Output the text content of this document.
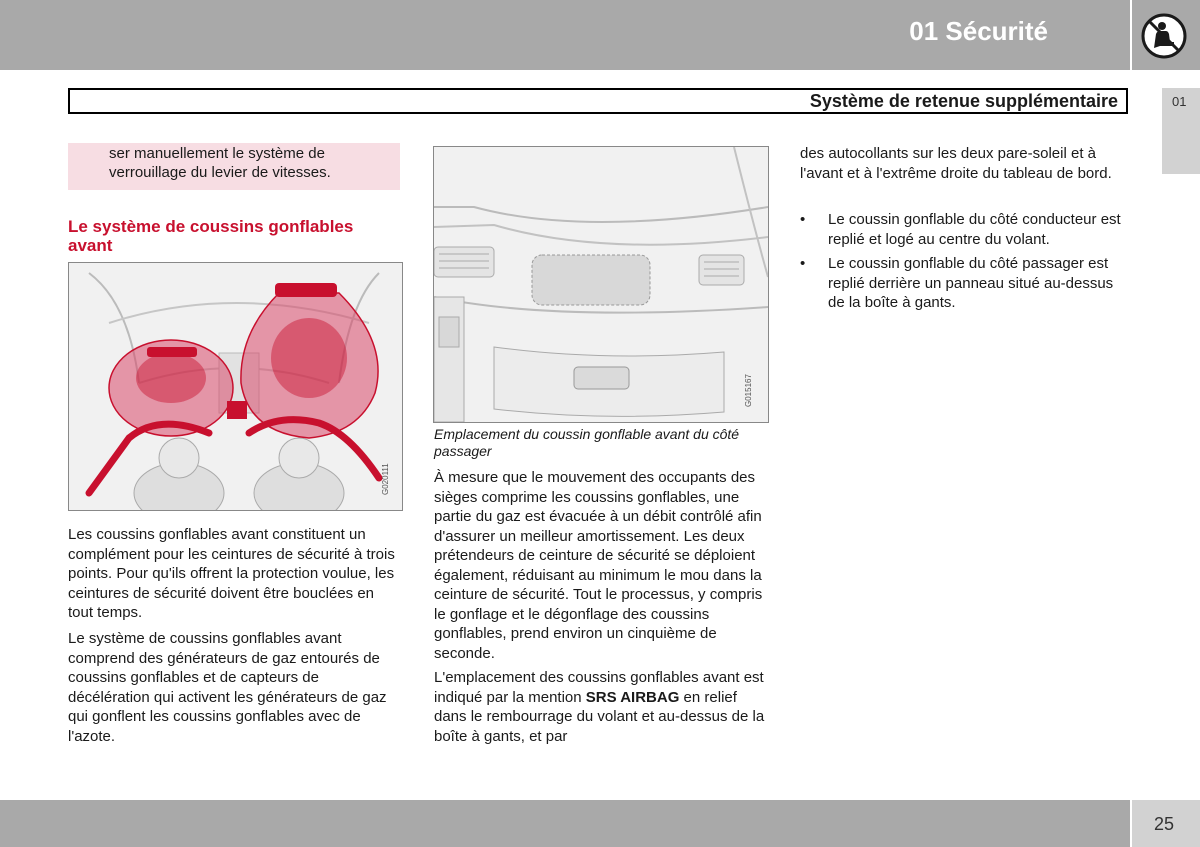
01 Sécurité
Système de retenue supplémentaire	01

ser manuellement le système de verrouillage du levier de vitesses.

Le système de coussins gonflables avant
G020111

Les coussins gonflables avant constituent un complément pour les ceintures de sécurité à trois points. Pour qu'ils offrent la protection voulue, les ceintures de sécurité doivent être bouclées en tout temps.

Le système de coussins gonflables avant comprend des générateurs de gaz entourés de coussins gonflables et de capteurs de décélération qui activent les générateurs de gaz qui gonflent les coussins gonflables avec de l'azote.

G015167

Emplacement du coussin gonflable avant du côté passager

À mesure que le mouvement des occupants des sièges comprime les coussins gonflables, une partie du gaz est évacuée à un débit contrôlé afin d'assurer un meilleur amortissement. Les deux prétendeurs de ceinture de sécurité se déploient également, réduisant au minimum le mou dans la ceinture de sécurité. Tout le processus, y compris le gonflage et le dégonflage des coussins gonflables, prend environ un cinquième de seconde.

L'emplacement des coussins gonflables avant est indiqué par la mention SRS AIRBAG en relief dans le rembourrage du volant et au-dessus de la boîte à gants, et par

des autocollants sur les deux pare-soleil et à l'avant et à l'extrême droite du tableau de bord.

• Le coussin gonflable du côté conducteur est replié et logé au centre du volant.
• Le coussin gonflable du côté passager est replié derrière un panneau situé au-dessus de la boîte à gants.
25
